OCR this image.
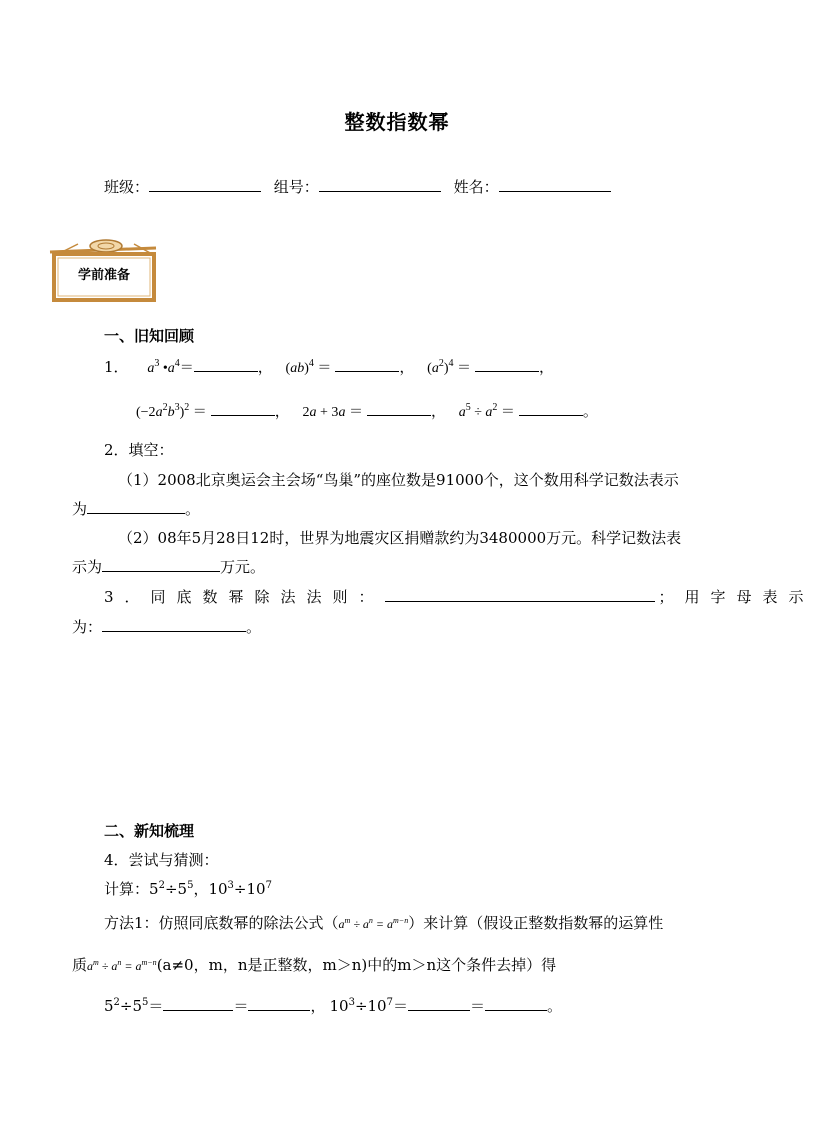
整数指数幂
班级：	组号：	姓名：
学前准备
一、旧知回顾
1． $a^3$ $•a^4=$	， (ab)$^4$ ＝	， $(a^2)^4$ ＝	，
$(-2a^2b^3)^2$ ＝	， 2a + 3a ＝	， $a^5 \div a^2$ ＝	。
2．填空：
（1）2008北京奥运会主会场“鸟巢”的座位数是91000个，这个数用科学记数法表示
为	。
（2）08年5月28日12时，世界为地震灾区捐赠款约为3480000万元。科学记数法表
示为	万元。
3．同底数幂除法法则：	；用字母表示
为：	。
二、新知梳理
4．尝试与猜测：
计算：$5^2\div 5^5$，$10^3\div 10^7$
方法1：仿照同底数幂的除法公式$(a^m \div a^n = a^{m-n})$来计算（假设正整数指数幂的运算性
质$a^m \div a^n = a^{m-n}(a\ne 0$，m，n是正整数，m＞n)中的m＞n这个条件去掉）得
$5^2\div 5^5=$	＝	， $10^3\div 10^7=$	＝	。
